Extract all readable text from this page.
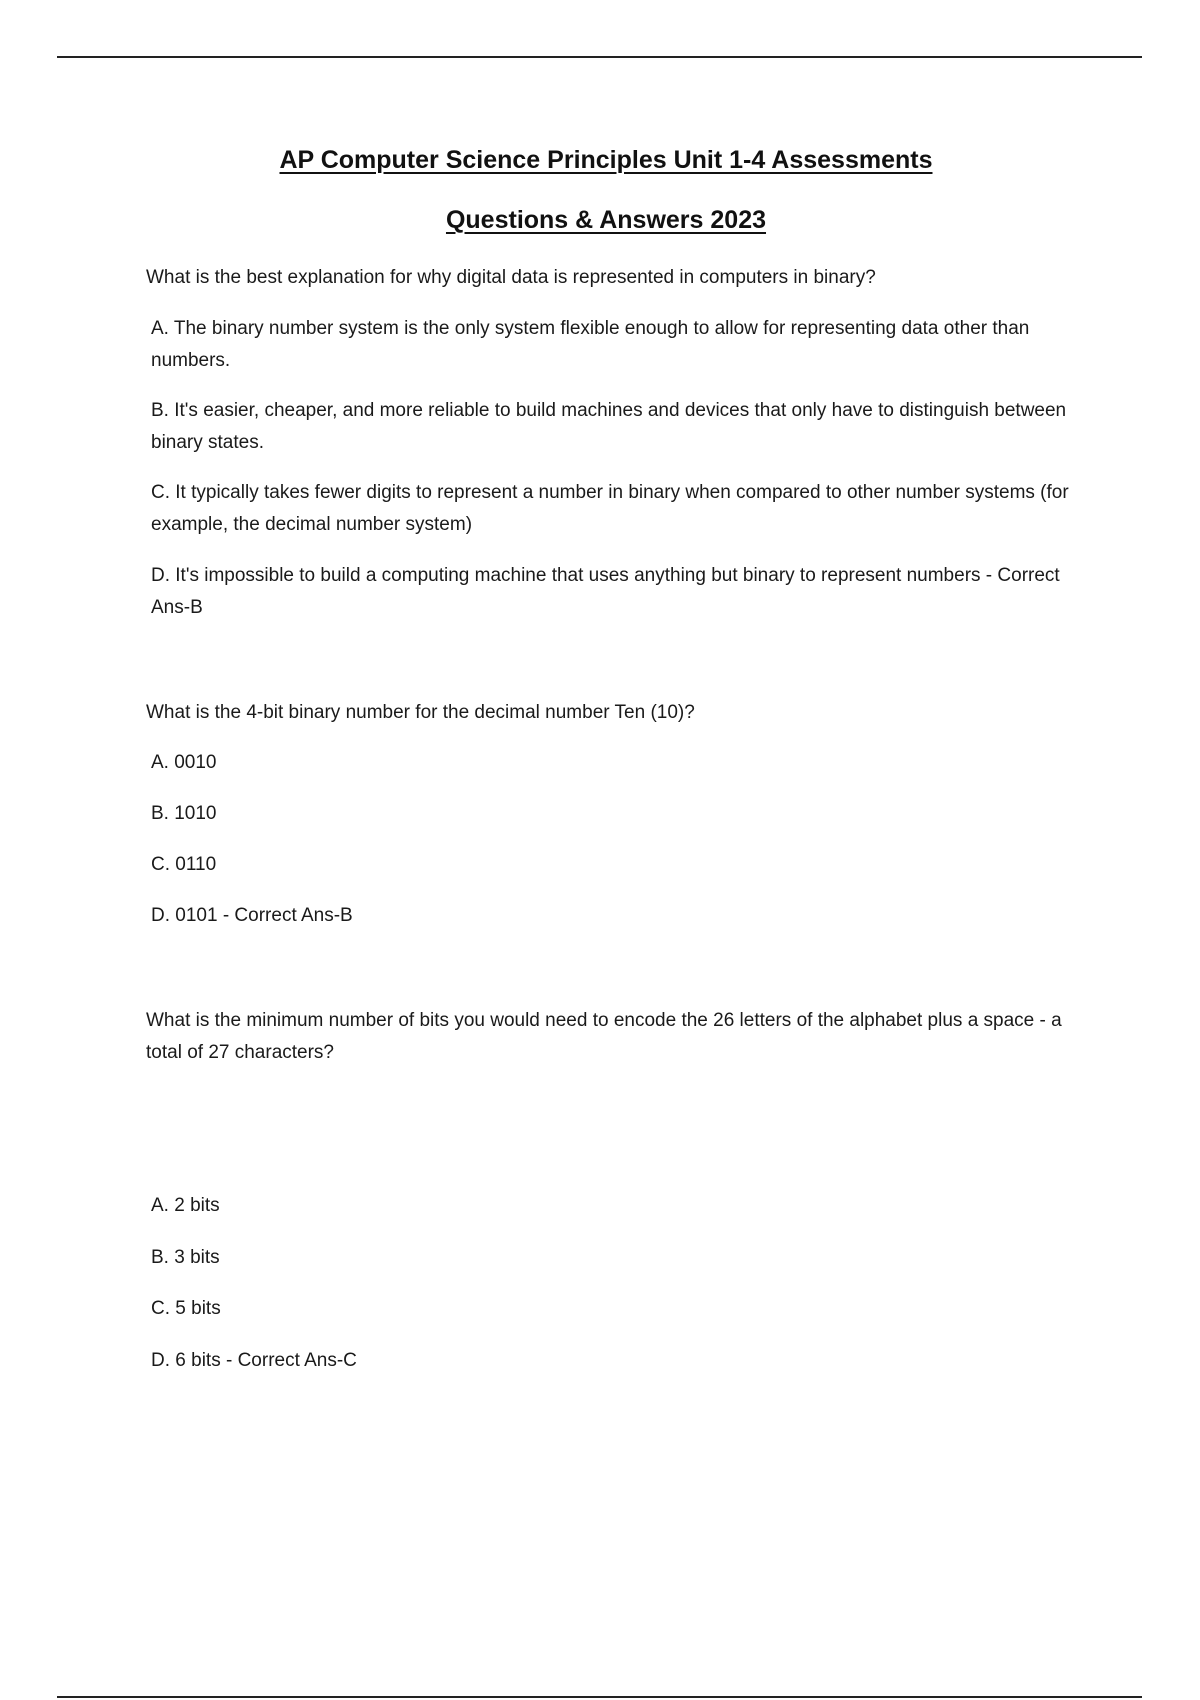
AP Computer Science Principles Unit 1-4 Assessments
Questions & Answers 2023

What is the best explanation for why digital data is represented in computers in binary?

A. The binary number system is the only system flexible enough to allow for representing data other than numbers.

B. It's easier, cheaper, and more reliable to build machines and devices that only have to distinguish between binary states.

C. It typically takes fewer digits to represent a number in binary when compared to other number systems (for example, the decimal number system)

D. It's impossible to build a computing machine that uses anything but binary to represent numbers - Correct Ans-B

What is the 4-bit binary number for the decimal number Ten (10)?

A. 0010

B. 1010

C. 0110

D. 0101 - Correct Ans-B

What is the minimum number of bits you would need to encode the 26 letters of the alphabet plus a space - a total of 27 characters?

A. 2 bits

B. 3 bits

C. 5 bits

D. 6 bits - Correct Ans-C
